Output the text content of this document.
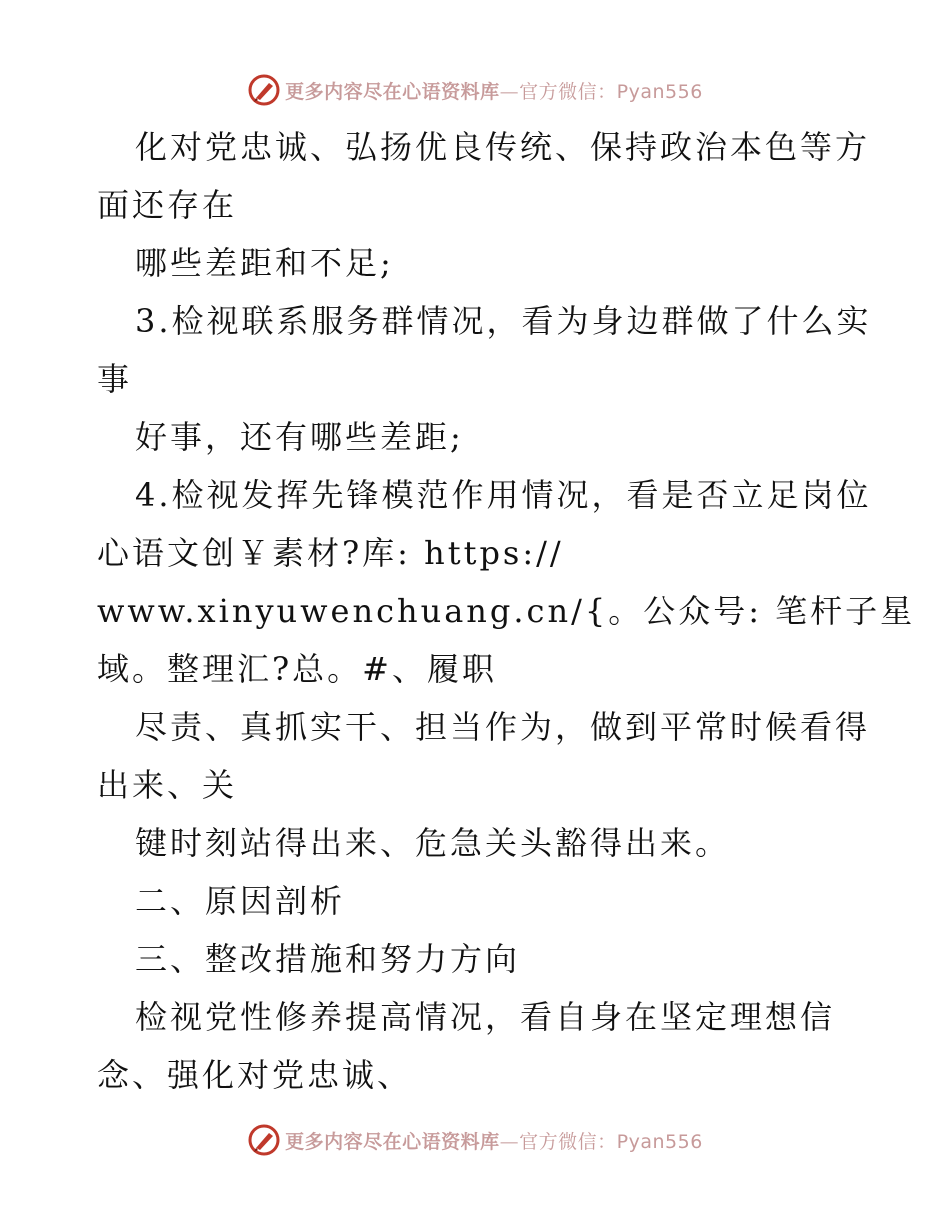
更多内容尽在心语资料库—官方微信：Pyan556
化对党忠诚、弘扬优良传统、保持政治本色等方
面还存在
哪些差距和不足;
3.检视联系服务群情况，看为身边群做了什么实
事
好事，还有哪些差距;
4.检视发挥先锋模范作用情况，看是否立足岗位
心语文创￥素材?库: https://
www.xinyuwenchuang.cn/{。公众号: 笔杆子星
域。整理汇?总。#、履职
尽责、真抓实干、担当作为，做到平常时候看得
出来、关
键时刻站得出来、危急关头豁得出来。
二、原因剖析
三、整改措施和努力方向
检视党性修养提高情况，看自身在坚定理想信
念、强化对党忠诚、
更多内容尽在心语资料库—官方微信：Pyan556
